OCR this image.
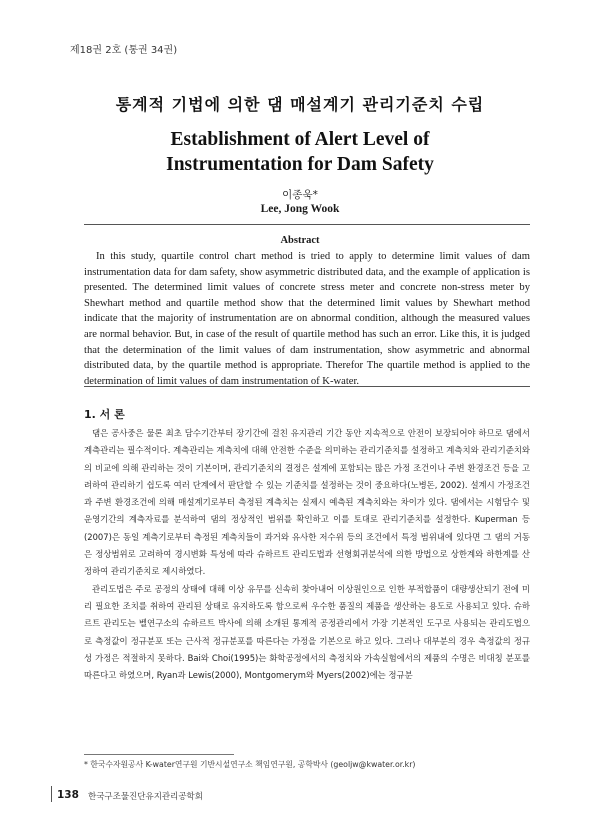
제18권 2호 (통권 34권)
통계적 기법에 의한 댐 매설계기 관리기준치 수립
Establishment of Alert Level of Instrumentation for Dam Safety
이종욱*
Lee, Jong Wook
Abstract

In this study, quartile control chart method is tried to apply to determine limit values of dam instrumentation data for dam safety, show asymmetric distributed data, and the example of application is presented. The determined limit values of concrete stress meter and concrete non-stress meter by Shewhart method and quartile method show that the determined limit values by Shewhart method indicate that the majority of instrumentation are on abnormal condition, although the measured values are normal behavior. But, in case of the result of quartile method has such an error. Like this, it is judged that the determination of the limit values of dam instrumentation, show asymmetric and abnormal distributed data, by the quartile method is appropriate. Therefor The quartile method is applied to the determination of limit values of dam instrumentation of K-water.

1. 서 론

댐은 공사중은 물론 최초 담수기간부터 장기간에 걸친 유지관리 기간 동안 지속적으로 안전이 보장되어야 하므로 댐에서 계측관리는 필수적이다. 계측관리는 계측치에 대해 안전한 수준을 의미하는 관리기준치를 설정하고 계측치와 관리기준치와의 비교에 의해 관리하는 것이 기본이며, 관리기준치의 결정은 설계에 포함되는 많은 가정 조건이나 주변 환경조건 등을 고려하여 관리하기 쉽도록 여러 단계에서 판단할 수 있는 기준치를 설정하는 것이 중요하다(노병돈, 2002). 설계시 가정조건과 주변 환경조건에 의해 매설계기로부터 측정된 계측치는 실제시 예측된 계측치와는 차이가 있다. 댐에서는 시험담수 및 운영기간의 계측자료를 분석하여 댐의 정상적인 범위를 확인하고 이를 토대로 관리기준치를 설정한다. Kuperman 등(2007)은 동일 계측기로부터 측정된 계측치들이 과거와 유사한 저수위 등의 조건에서 특정 범위내에 있다면 그 댐의 거동은 정상범위로 고려하여 경시변화 특성에 따라 슈하르트 관리도법과 선형회귀분석에 의한 방법으로 상한계와 하한계를 산정하여 관리기준치로 제시하였다.

관리도법은 주로 공정의 상태에 대해 이상 유무를 신속히 찾아내어 이상원인으로 인한 부적합품이 대량생산되기 전에 미리 필요한 조치를 취하여 관리된 상태로 유지하도록 함으로써 우수한 품질의 제품을 생산하는 용도로 사용되고 있다. 슈하르트 관리도는 벨연구소의 슈하르트 박사에 의해 소개된 통계적 공정관리에서 가장 기본적인 도구로 사용되는 관리도법으로 측정값이 정규분포 또는 근사적 정규분포를 따른다는 가정을 기본으로 하고 있다. 그러나 대부분의 경우 측정값의 정규성 가정은 적절하지 못하다. Bai와 Choi(1995)는 화학공정에서의 측정치와 가속실험에서의 제품의 수명은 비대칭 분포를 따른다고 하였으며, Ryan과 Lewis(2000), Montgomerym와 Myers(2002)에는 정규분

* 한국수자원공사 K-water연구원 기반시설연구소 책임연구원, 공학박사 (geoljw@kwater.or.kr)
138 한국구조물진단유지관리공학회
